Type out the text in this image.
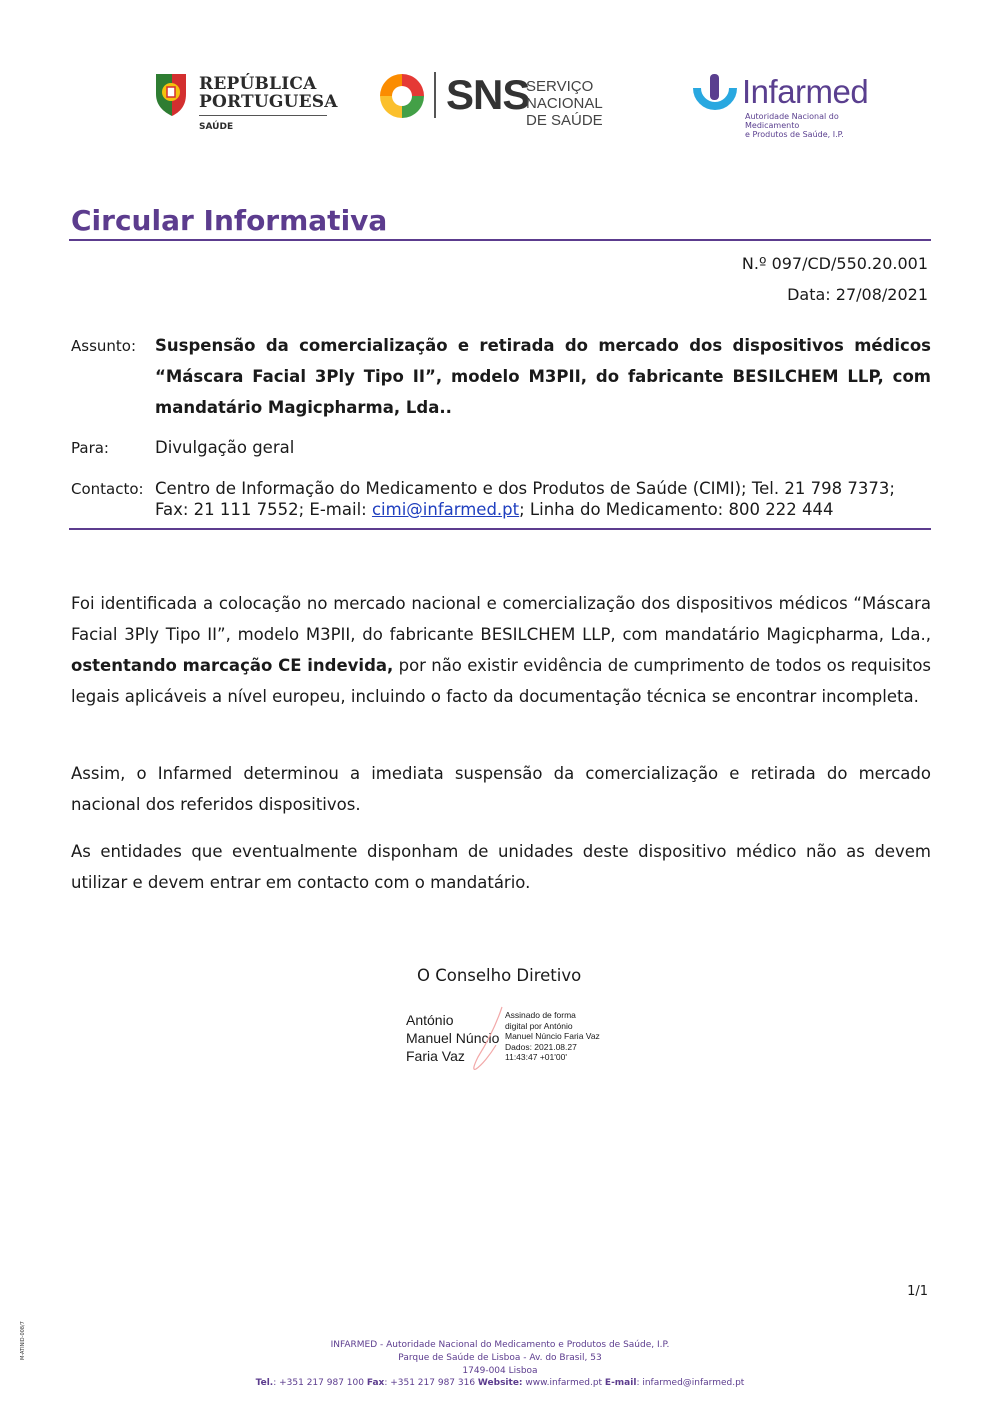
REPÚBLICA
PORTUGUESA
SAÚDE
SNS
SERVIÇO NACIONAL
DE SAÚDE
Infarmed
Autoridade Nacional do Medicamento
e Produtos de Saúde, I.P.
Circular Informativa
N.º 097/CD/550.20.001
Data: 27/08/2021
Assunto: Suspensão da comercialização e retirada do mercado dos dispositivos médicos “Máscara Facial 3Ply Tipo II”, modelo M3PII, do fabricante BESILCHEM LLP, com mandatário Magicpharma, Lda..
Para:	Divulgação geral
Contacto: Centro de Informação do Medicamento e dos Produtos de Saúde (CIMI); Tel. 21 798 7373;
Fax: 21 111 7552; E-mail: cimi@infarmed.pt; Linha do Medicamento: 800 222 444

Foi identificada a colocação no mercado nacional e comercialização dos dispositivos médicos “Máscara Facial 3Ply Tipo II”, modelo M3PII, do fabricante BESILCHEM LLP, com mandatário Magicpharma, Lda., ostentando marcação CE indevida, por não existir evidência de cumprimento de todos os requisitos legais aplicáveis a nível europeu, incluindo o facto da documentação técnica se encontrar incompleta.

Assim, o Infarmed determinou a imediata suspensão da comercialização e retirada do mercado nacional dos referidos dispositivos.

As entidades que eventualmente disponham de unidades deste dispositivo médico não as devem utilizar e devem entrar em contacto com o mandatário.

O Conselho Diretivo
António
Manuel Núncio
Faria Vaz
Assinado de forma
digital por António
Manuel Núncio Faria Vaz
Dados: 2021.08.27
11:43:47 +01'00'
1/1
M-ATINID-008/7	INFARMED - Autoridade Nacional do Medicamento e Produtos de Saúde, I.P.
Parque de Saúde de Lisboa - Av. do Brasil, 53
1749-004 Lisboa
Tel.: +351 217 987 100 Fax: +351 217 987 316 Website: www.infarmed.pt E-mail: infarmed@infarmed.pt
